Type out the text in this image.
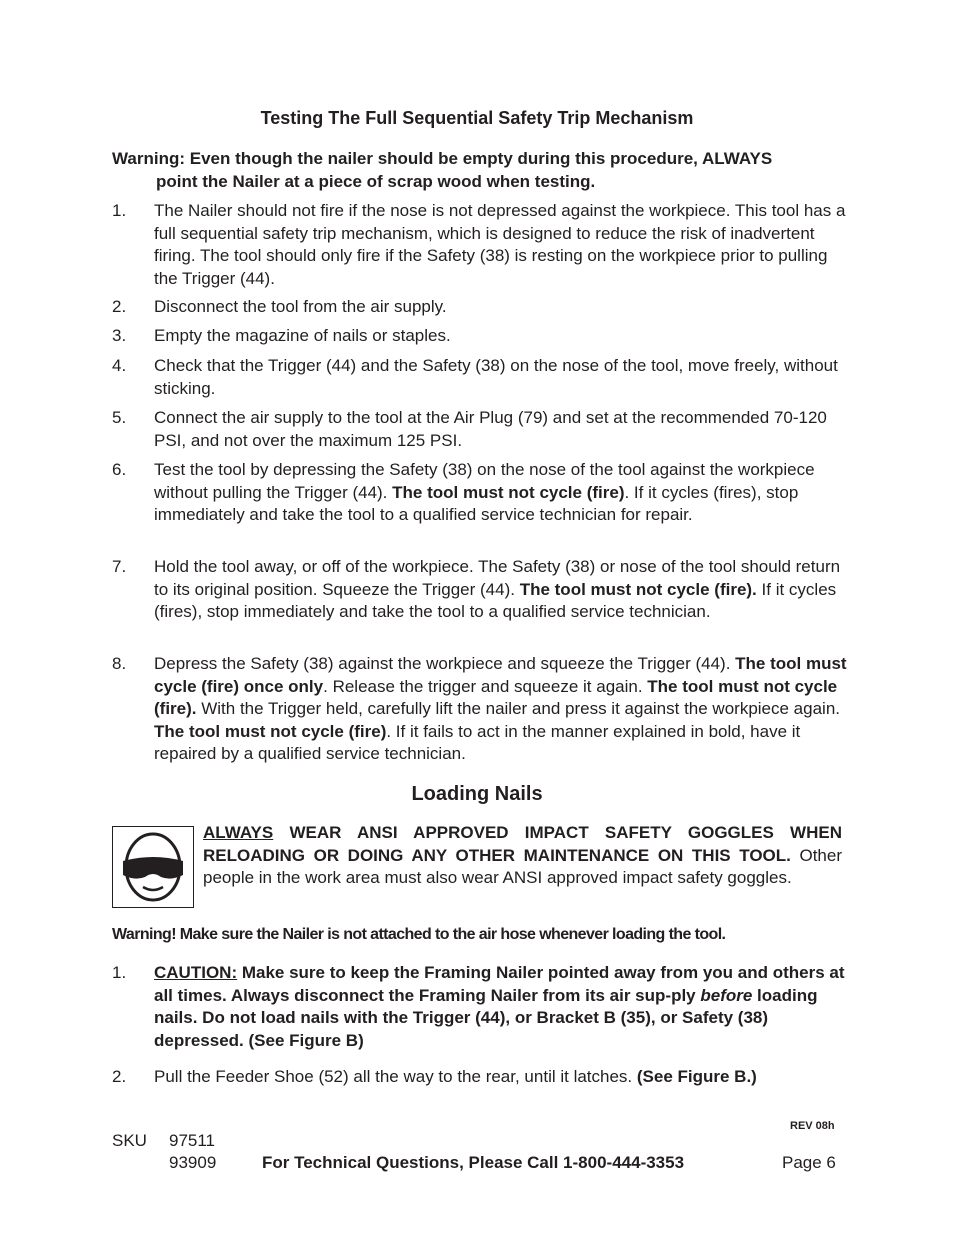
Testing The Full Sequential Safety Trip Mechanism
Warning: Even though the nailer should be empty during this procedure, ALWAYS
point the Nailer at a piece of scrap wood when testing.
1.	The Nailer should not fire if the nose is not depressed against the workpiece. This tool has a full sequential safety trip mechanism, which is designed to reduce the risk of inadvertent firing. The tool should only fire if the Safety (38) is resting on the workpiece prior to pulling the Trigger (44).
2.	Disconnect the tool from the air supply.
3.	Empty the magazine of nails or staples.
4.	Check that the Trigger (44) and the Safety (38) on the nose of the tool, move freely, without sticking.
5.	Connect the air supply to the tool at the Air Plug (79) and set at the recommended 70-120 PSI, and not over the maximum 125 PSI.
6.	Test the tool by depressing the Safety (38) on the nose of the tool against the workpiece without pulling the Trigger (44). The tool must not cycle (fire). If it cycles (fires), stop immediately and take the tool to a qualified service technician for repair.
7.	Hold the tool away, or off of the workpiece. The Safety (38) or nose of the tool should return to its original position. Squeeze the Trigger (44). The tool must not cycle (fire). If it cycles (fires), stop immediately and take the tool to a qualified service technician.
8.	Depress the Safety (38) against the workpiece and squeeze the Trigger (44). The tool must cycle (fire) once only. Release the trigger and squeeze it again. The tool must not cycle (fire). With the Trigger held, carefully lift the nailer and press it against the workpiece again. The tool must not cycle (fire). If it fails to act in the manner explained in bold, have it repaired by a qualified service technician.
Loading Nails
ALWAYS WEAR ANSI APPROVED IMPACT SAFETY GOGGLES WHEN RELOADING OR DOING ANY OTHER MAINTENANCE ON THIS TOOL. Other people in the work area must also wear ANSI approved impact safety goggles.
Warning! Make sure the Nailer is not attached to the air hose whenever loading the tool.
1.	CAUTION: Make sure to keep the Framing Nailer pointed away from you and others at all times. Always disconnect the Framing Nailer from its air sup-ply before loading nails. Do not load nails with the Trigger (44), or Bracket B (35), or Safety (38) depressed. (See Figure B)
2.	Pull the Feeder Shoe (52) all the way to the rear, until it latches. (See Figure B.)
REV 08h
SKU 97511
93909	For Technical Questions, Please Call 1-800-444-3353	Page 6
